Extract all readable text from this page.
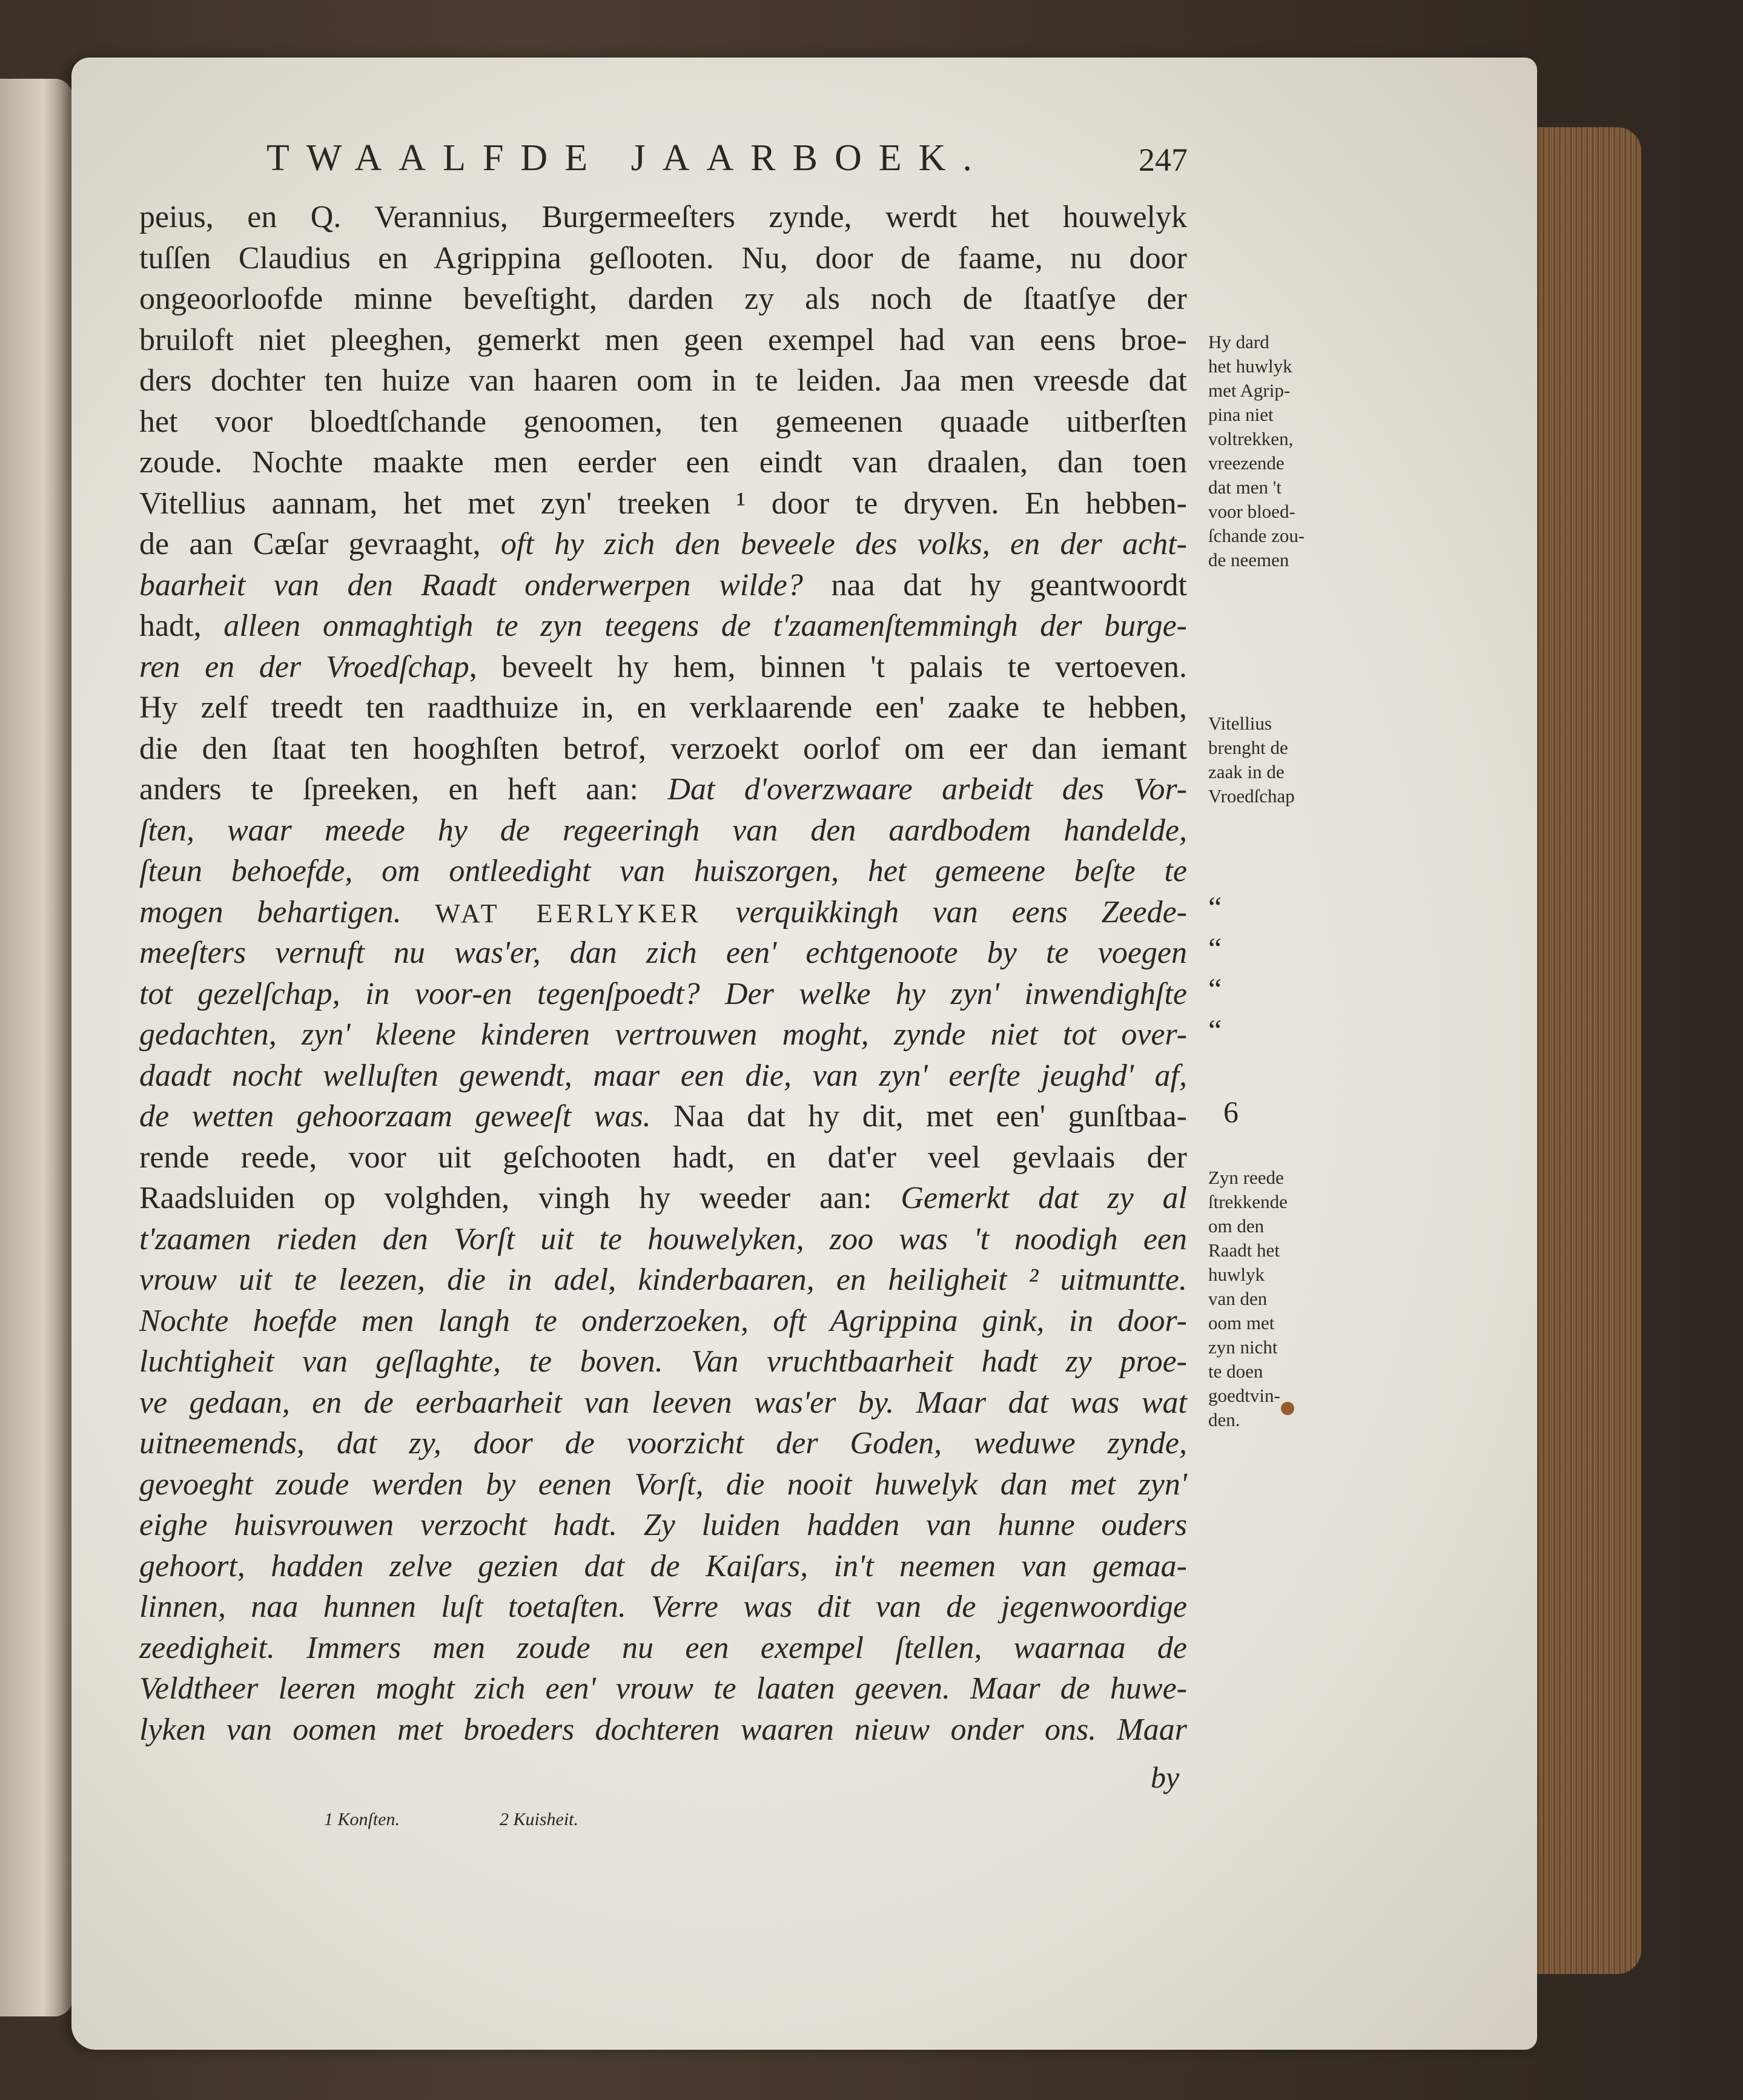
TWAALFDE JAARBOEK.	247
peius, en Q. Verannius, Burgermeeſters zynde, werdt het houwelyk
tuſſen Claudius en Agrippina geſlooten. Nu, door de faame, nu door
ongeoorloofde minne beveſtight, darden zy als noch de ſtaatſye der
bruiloft niet pleeghen, gemerkt men geen exempel had van eens broe-
ders dochter ten huize van haaren oom in te leiden. Jaa men vreesde dat
het voor bloedtſchande genoomen, ten gemeenen quaade uitberſten
zoude. Nochte maakte men eerder een eindt van draalen, dan toen
Vitellius aannam, het met zyn' treeken ¹ door te dryven. En hebben-
de aan Cæſar gevraaght, oft hy zich den beveele des volks, en der acht-
baarheit van den Raadt onderwerpen wilde? naa dat hy geantwoordt
hadt, alleen onmaghtigh te zyn teegens de t'zaamenſtemmingh der burge-
ren en der Vroedſchap, beveelt hy hem, binnen 't palais te vertoeven.
Hy zelf treedt ten raadthuize in, en verklaarende een' zaake te hebben,
die den ſtaat ten hooghſten betrof, verzoekt oorlof om eer dan iemant
anders te ſpreeken, en heft aan: Dat d'overzwaare arbeidt des Vor-
ſten, waar meede hy de regeeringh van den aardbodem handelde,
ſteun behoefde, om ontleedight van huiszorgen, het gemeene beſte te
mogen behartigen. WAT EERLYKER verquikkingh van eens Zeede-
meeſters vernuft nu was'er, dan zich een' echtgenoote by te voegen
tot gezelſchap, in voor-en tegenſpoedt? Der welke hy zyn' inwendighſte
gedachten, zyn' kleene kinderen vertrouwen moght, zynde niet tot over-
daadt nocht welluſten gewendt, maar een die, van zyn' eerſte jeughd' af,
de wetten gehoorzaam geweeſt was. Naa dat hy dit, met een' gunſtbaa-
rende reede, voor uit geſchooten hadt, en dat'er veel gevlaais der
Raadsluiden op volghden, vingh hy weeder aan: Gemerkt dat zy al
t'zaamen rieden den Vorſt uit te houwelyken, zoo was 't noodigh een
vrouw uit te leezen, die in adel, kinderbaaren, en heiligheit ² uitmuntte.
Nochte hoefde men langh te onderzoeken, oft Agrippina gink, in door-
luchtigheit van geſlaghte, te boven. Van vruchtbaarheit hadt zy proe-
ve gedaan, en de eerbaarheit van leeven was'er by. Maar dat was wat
uitneemends, dat zy, door de voorzicht der Goden, weduwe zynde,
gevoeght zoude werden by eenen Vorſt, die nooit huwelyk dan met zyn'
eighe huisvrouwen verzocht hadt. Zy luiden hadden van hunne ouders
gehoort, hadden zelve gezien dat de Kaiſars, in't neemen van gemaa-
linnen, naa hunnen luſt toetaſten. Verre was dit van de jegenwoordige
zeedigheit. Immers men zoude nu een exempel ſtellen, waarnaa de
Veldtheer leeren moght zich een' vrouw te laaten geeven. Maar de huwe-
lyken van oomen met broeders dochteren waaren nieuw onder ons. Maar
by
Hy dard
het huwlyk
met Agrip-
pina niet
voltrekken,
vreezende
dat men 't
voor bloed-
ſchande zou-
de neemen
Vitellius
brenght de
zaak in de
Vroedſchap
Zyn reede
ſtrekkende
om den
Raadt het
huwlyk
van den
oom met
zyn nicht
te doen
goedtvin-
den.
“
“
“
“
6
1 Konſten.	2 Kuisheit.
